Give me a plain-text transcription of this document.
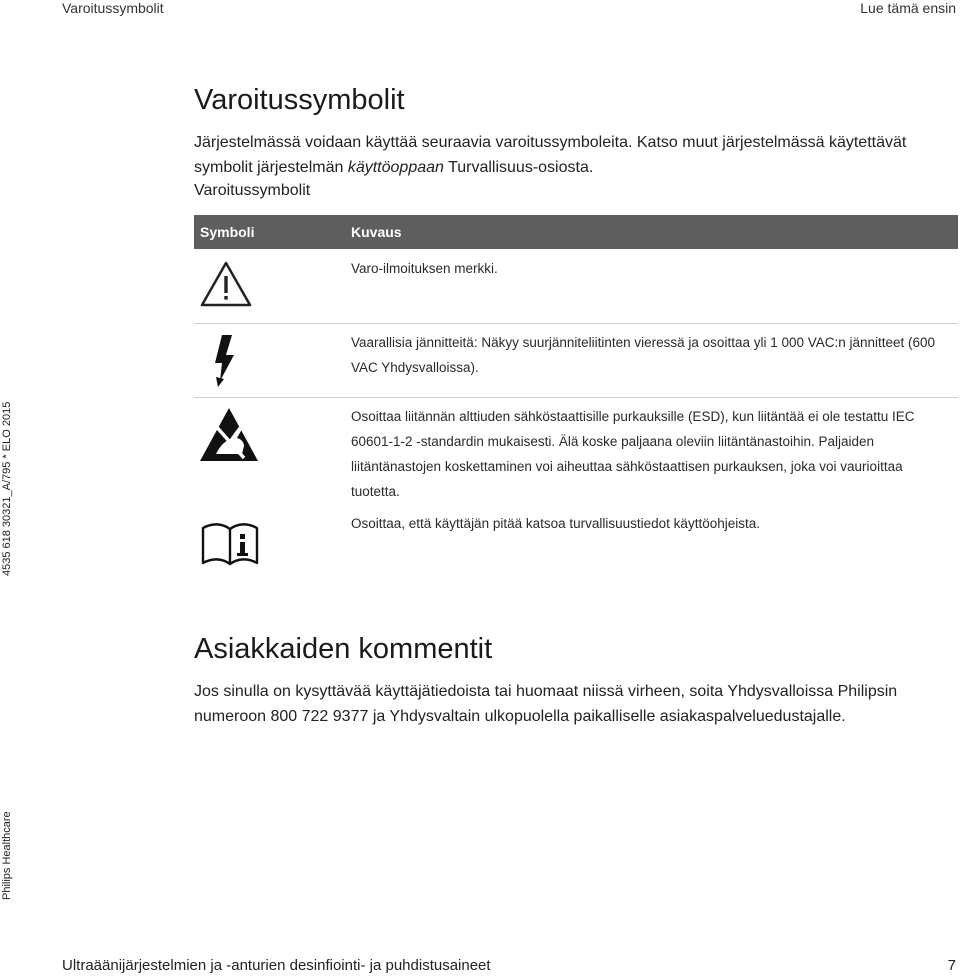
Varoitussymbolit	Lue tämä ensin
4535 618 30321_A/795 * ELO 2015
Philips Healthcare
Varoitussymbolit

Järjestelmässä voidaan käyttää seuraavia varoitussymboleita. Katso muut järjestelmässä käytettävät symbolit järjestelmän käyttöoppaan Turvallisuus-osiosta.

Varoitussymbolit
Symboli	Kuvaus

Varo-ilmoituksen merkki.

Vaarallisia jännitteitä: Näkyy suurjänniteliitinten vieressä ja osoittaa yli 1 000 VAC:n jännitteet (600 VAC Yhdysvalloissa).

Osoittaa liitännän alttiuden sähköstaattisille purkauksille (ESD), kun liitäntää ei ole testattu IEC 60601-1-2 -standardin mukaisesti. Älä koske paljaana oleviin liitäntänastoihin. Paljaiden liitäntänastojen koskettaminen voi aiheuttaa sähköstaattisen purkauksen, joka voi vaurioittaa tuotetta.

Osoittaa, että käyttäjän pitää katsoa turvallisuustiedot käyttöohjeista.

Asiakkaiden kommentit

Jos sinulla on kysyttävää käyttäjätiedoista tai huomaat niissä virheen, soita Yhdysvalloissa Philipsin numeroon 800 722 9377 ja Yhdysvaltain ulkopuolella paikalliselle asiakaspalveluedustajalle.

Ultraäänijärjestelmien ja -anturien desinfiointi- ja puhdistusaineet	7
